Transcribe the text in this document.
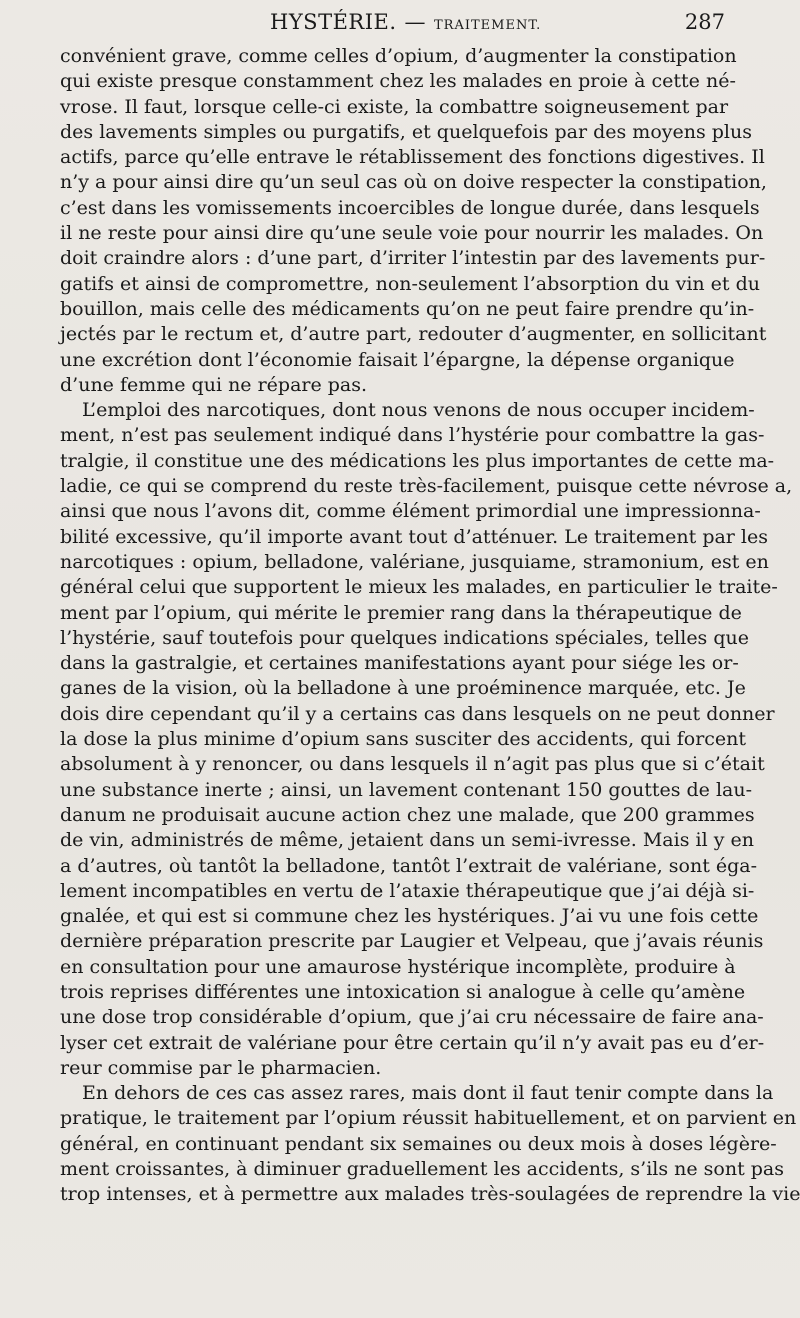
HYSTÉRIE. — TRAITEMENT.	287
convénient grave, comme celles d’opium, d’augmenter la constipation
qui existe presque constamment chez les malades en proie à cette né-
vrose. Il faut, lorsque celle-ci existe, la combattre soigneusement par
des lavements simples ou purgatifs, et quelquefois par des moyens plus
actifs, parce qu’elle entrave le rétablissement des fonctions digestives. Il
n’y a pour ainsi dire qu’un seul cas où on doive respecter la constipation,
c’est dans les vomissements incoercibles de longue durée, dans lesquels
il ne reste pour ainsi dire qu’une seule voie pour nourrir les malades. On
doit craindre alors : d’une part, d’irriter l’intestin par des lavements pur-
gatifs et ainsi de compromettre, non-seulement l’absorption du vin et du
bouillon, mais celle des médicaments qu’on ne peut faire prendre qu’in-
jectés par le rectum et, d’autre part, redouter d’augmenter, en sollicitant
une excrétion dont l’économie faisait l’épargne, la dépense organique
d’une femme qui ne répare pas.
L’emploi des narcotiques, dont nous venons de nous occuper incidem-
ment, n’est pas seulement indiqué dans l’hystérie pour combattre la gas-
tralgie, il constitue une des médications les plus importantes de cette ma-
ladie, ce qui se comprend du reste très-facilement, puisque cette névrose a,
ainsi que nous l’avons dit, comme élément primordial une impressionna-
bilité excessive, qu’il importe avant tout d’atténuer. Le traitement par les
narcotiques : opium, belladone, valériane, jusquiame, stramonium, est en
général celui que supportent le mieux les malades, en particulier le traite-
ment par l’opium, qui mérite le premier rang dans la thérapeutique de
l’hystérie, sauf toutefois pour quelques indications spéciales, telles que
dans la gastralgie, et certaines manifestations ayant pour siége les or-
ganes de la vision, où la belladone à une proéminence marquée, etc. Je
dois dire cependant qu’il y a certains cas dans lesquels on ne peut donner
la dose la plus minime d’opium sans susciter des accidents, qui forcent
absolument à y renoncer, ou dans lesquels il n’agit pas plus que si c’était
une substance inerte ; ainsi, un lavement contenant 150 gouttes de lau-
danum ne produisait aucune action chez une malade, que 200 grammes
de vin, administrés de même, jetaient dans un semi-ivresse. Mais il y en
a d’autres, où tantôt la belladone, tantôt l’extrait de valériane, sont éga-
lement incompatibles en vertu de l’ataxie thérapeutique que j’ai déjà si-
gnalée, et qui est si commune chez les hystériques. J’ai vu une fois cette
dernière préparation prescrite par Laugier et Velpeau, que j’avais réunis
en consultation pour une amaurose hystérique incomplète, produire à
trois reprises différentes une intoxication si analogue à celle qu’amène
une dose trop considérable d’opium, que j’ai cru nécessaire de faire ana-
lyser cet extrait de valériane pour être certain qu’il n’y avait pas eu d’er-
reur commise par le pharmacien.
En dehors de ces cas assez rares, mais dont il faut tenir compte dans la
pratique, le traitement par l’opium réussit habituellement, et on parvient en
général, en continuant pendant six semaines ou deux mois à doses légère-
ment croissantes, à diminuer graduellement les accidents, s’ils ne sont pas
trop intenses, et à permettre aux malades très-soulagées de reprendre la vie
